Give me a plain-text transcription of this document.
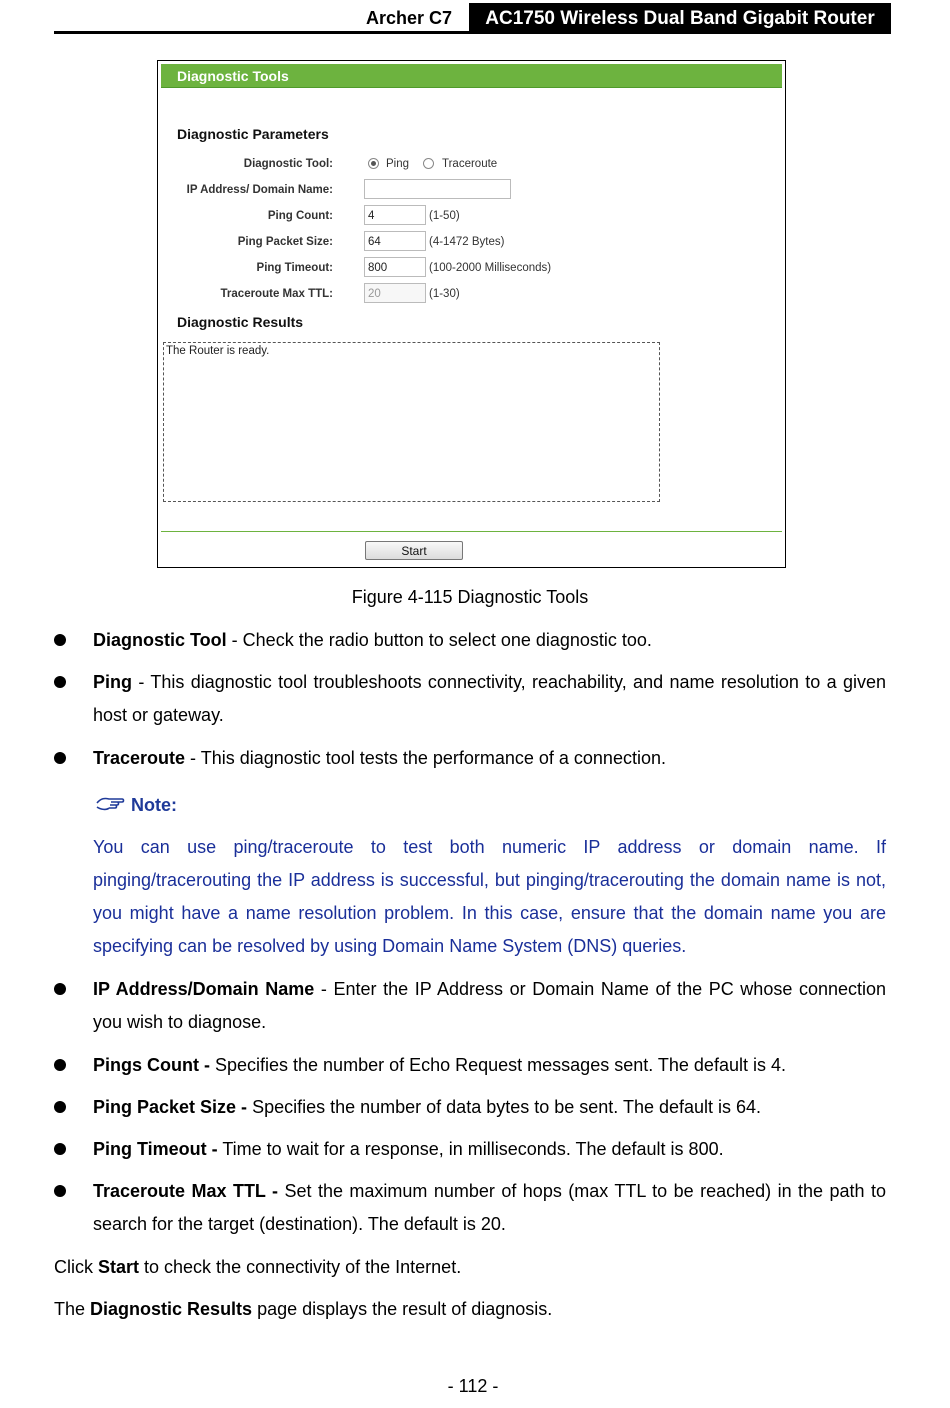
Archer C7	AC1750 Wireless Dual Band Gigabit Router
Diagnostic Tools
Diagnostic Parameters
Diagnostic Tool:	Ping	Traceroute
IP Address/ Domain Name:
Ping Count:	4	(1-50)
Ping Packet Size:	64	(4-1472 Bytes)
Ping Timeout:	800	(100-2000 Milliseconds)
Traceroute Max TTL:	20	(1-30)
Diagnostic Results
The Router is ready.
Start
Figure 4-115 Diagnostic Tools
Diagnostic Tool - Check the radio button to select one diagnostic too.
Ping - This diagnostic tool troubleshoots connectivity, reachability, and name resolution to a given host or gateway.
Traceroute - This diagnostic tool tests the performance of a connection.
Note:
You can use ping/traceroute to test both numeric IP address or domain name. If pinging/tracerouting the IP address is successful, but pinging/tracerouting the domain name is not, you might have a name resolution problem. In this case, ensure that the domain name you are specifying can be resolved by using Domain Name System (DNS) queries.
IP Address/Domain Name - Enter the IP Address or Domain Name of the PC whose connection you wish to diagnose.
Pings Count - Specifies the number of Echo Request messages sent. The default is 4.
Ping Packet Size - Specifies the number of data bytes to be sent. The default is 64.
Ping Timeout - Time to wait for a response, in milliseconds. The default is 800.
Traceroute Max TTL - Set the maximum number of hops (max TTL to be reached) in the path to search for the target (destination). The default is 20.
Click Start to check the connectivity of the Internet.
The Diagnostic Results page displays the result of diagnosis.
- 112 -
